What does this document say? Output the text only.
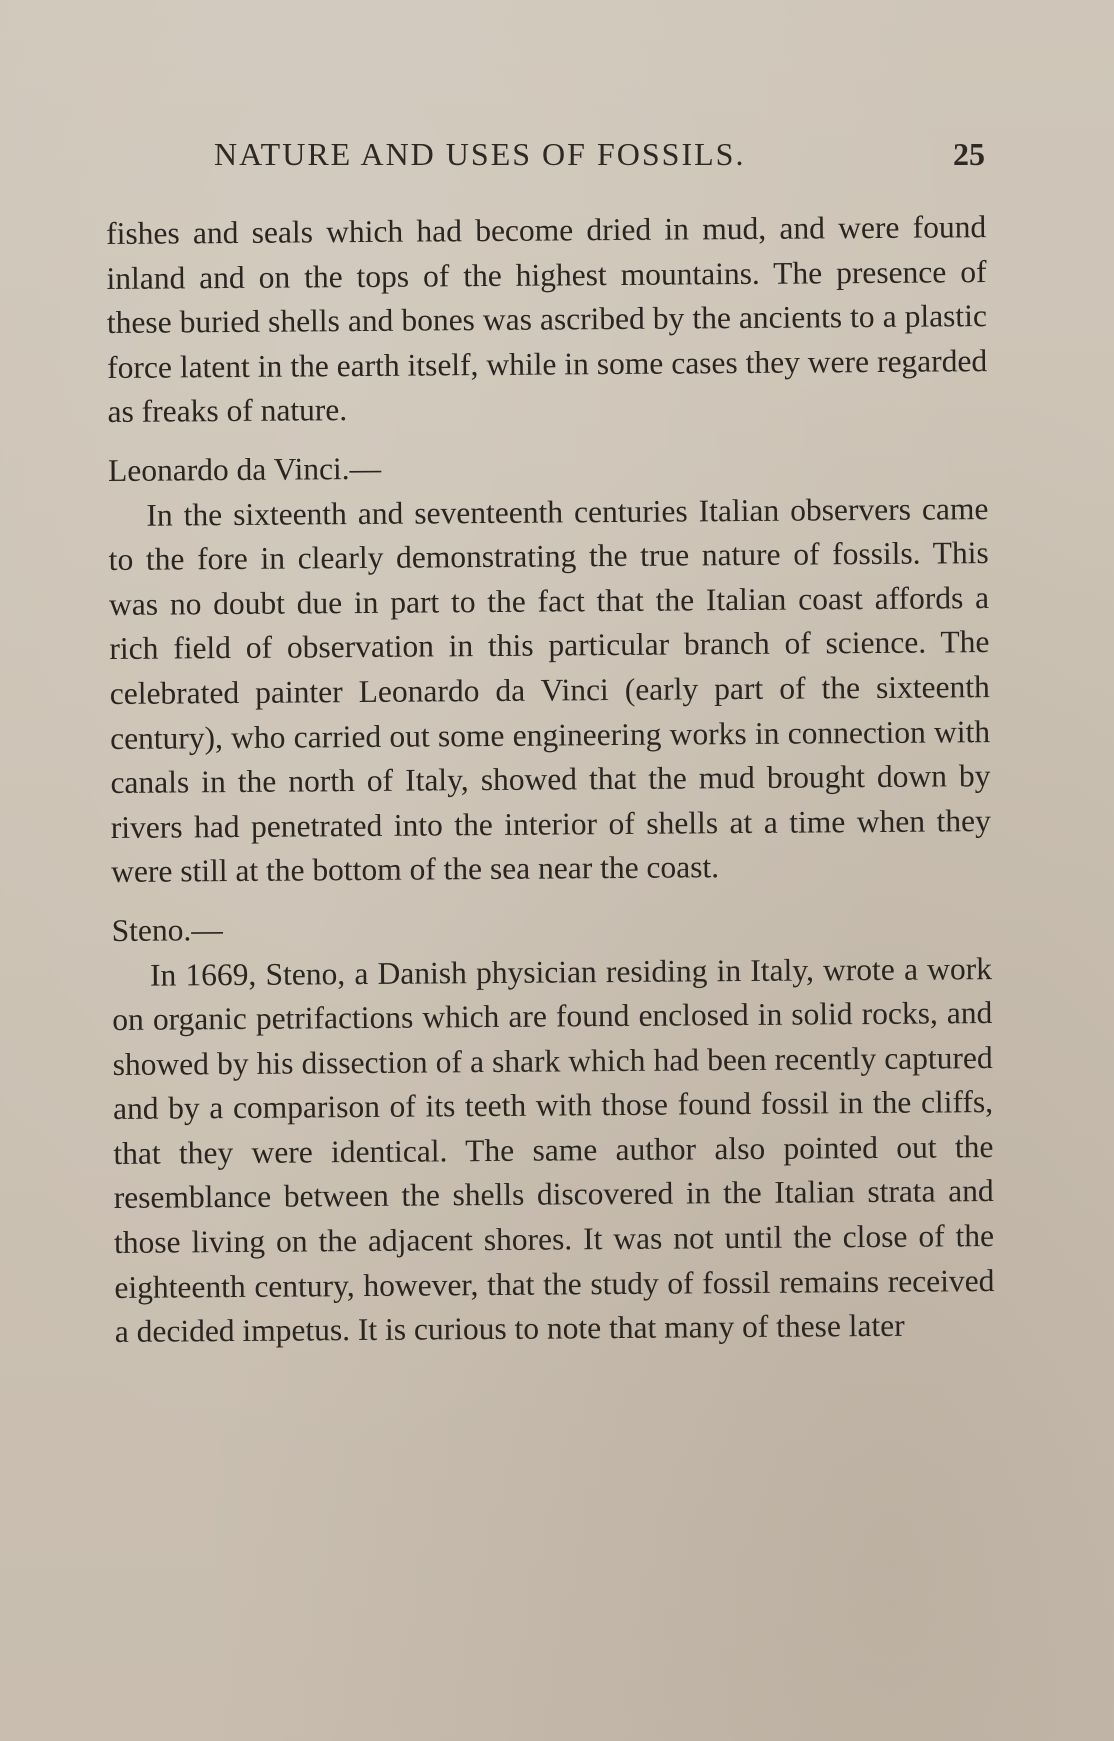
NATURE AND USES OF FOSSILS.	25

fishes and seals which had become dried in mud, and were found inland and on the tops of the highest mountains. The presence of these buried shells and bones was ascribed by the ancients to a plastic force latent in the earth itself, while in some cases they were regarded as freaks of nature.

Leonardo da Vinci.—

In the sixteenth and seventeenth centuries Italian observers came to the fore in clearly demonstrating the true nature of fossils. This was no doubt due in part to the fact that the Italian coast affords a rich field of observation in this particular branch of science. The celebrated painter Leonardo da Vinci (early part of the sixteenth century), who carried out some engineering works in connection with canals in the north of Italy, showed that the mud brought down by rivers had penetrated into the interior of shells at a time when they were still at the bottom of the sea near the coast.

Steno.—

In 1669, Steno, a Danish physician residing in Italy, wrote a work on organic petrifactions which are found enclosed in solid rocks, and showed by his dissection of a shark which had been recently captured and by a comparison of its teeth with those found fossil in the cliffs, that they were identical. The same author also pointed out the resemblance between the shells discovered in the Italian strata and those living on the adjacent shores. It was not until the close of the eighteenth century, however, that the study of fossil remains received a decided impetus. It is curious to note that many of these later
